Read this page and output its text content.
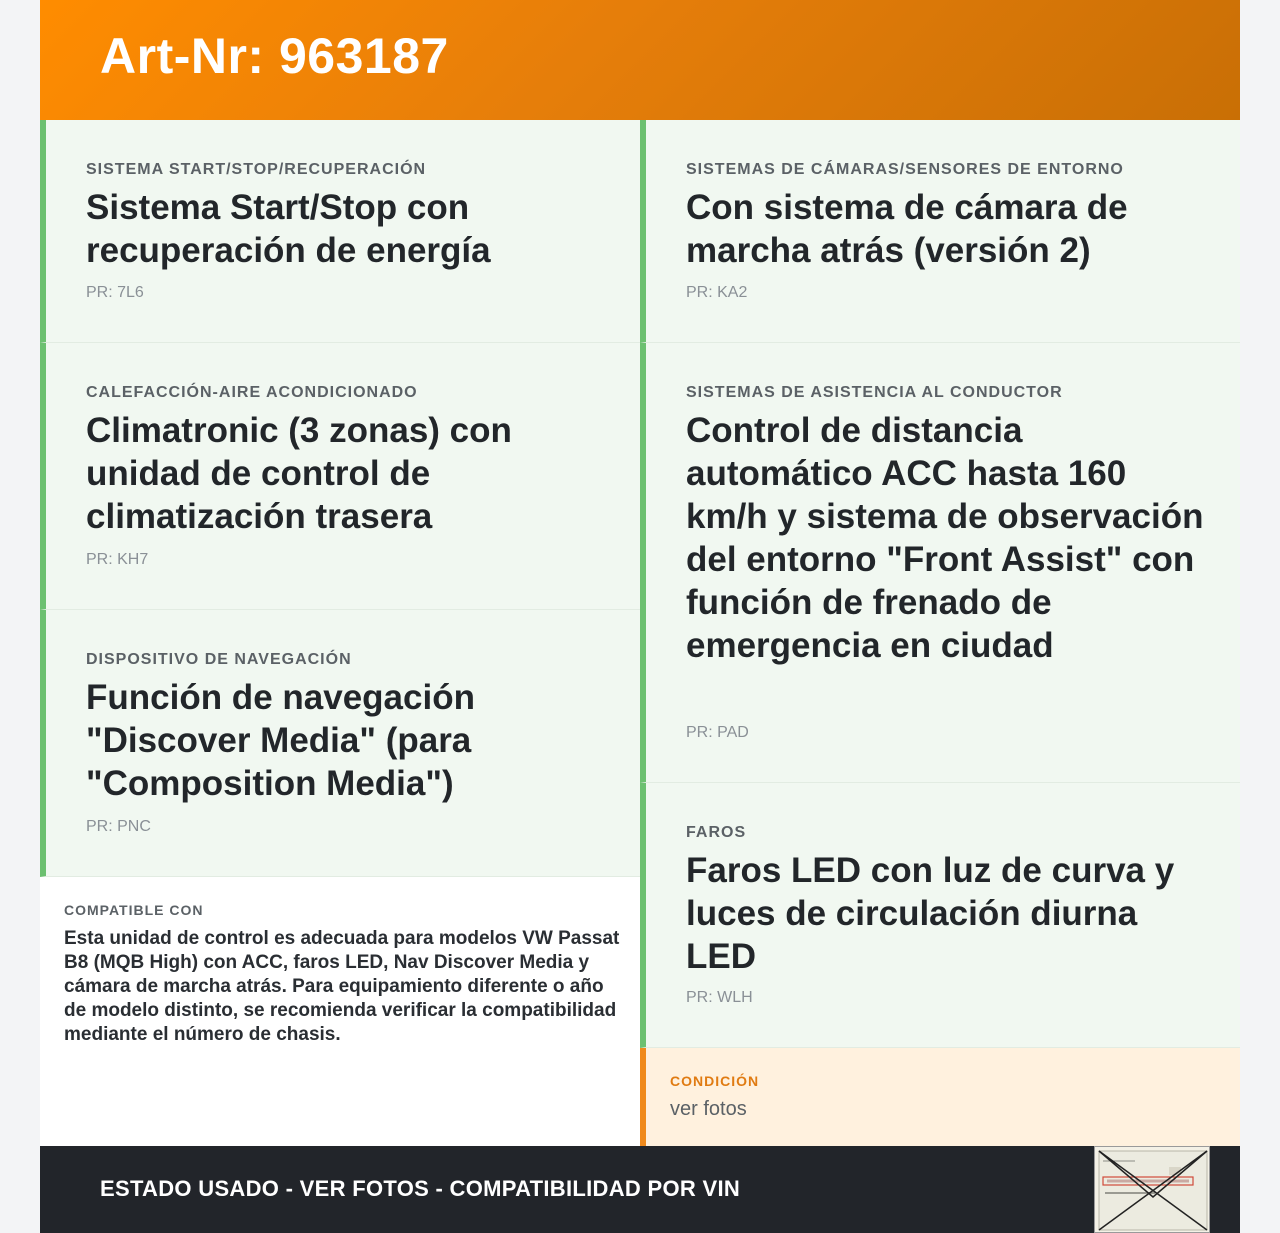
Art-Nr: 963187
SISTEMA START/STOP/RECUPERACIÓN
Sistema Start/Stop con recuperación de energía
PR: 7L6
CALEFACCIÓN-AIRE ACONDICIONADO
Climatronic (3 zonas) con unidad de control de climatización trasera
PR: KH7
DISPOSITIVO DE NAVEGACIÓN
Función de navegación "Discover Media" (para "Composition Media")
PR: PNC
COMPATIBLE CON
Esta unidad de control es adecuada para modelos VW Passat B8 (MQB High) con ACC, faros LED, Nav Discover Media y cámara de marcha atrás. Para equipamiento diferente o año de modelo distinto, se recomienda verificar la compatibilidad mediante el número de chasis.
SISTEMAS DE CÁMARAS/SENSORES DE ENTORNO
Con sistema de cámara de marcha atrás (versión 2)
PR: KA2
SISTEMAS DE ASISTENCIA AL CONDUCTOR
Control de distancia automático ACC hasta 160 km/h y sistema de observación del entorno "Front Assist" con función de frenado de emergencia en ciudad
PR: PAD
FAROS
Faros LED con luz de curva y luces de circulación diurna LED
PR: WLH
CONDICIÓN
ver fotos
ESTADO USADO - VER FOTOS - COMPATIBILIDAD POR VIN
